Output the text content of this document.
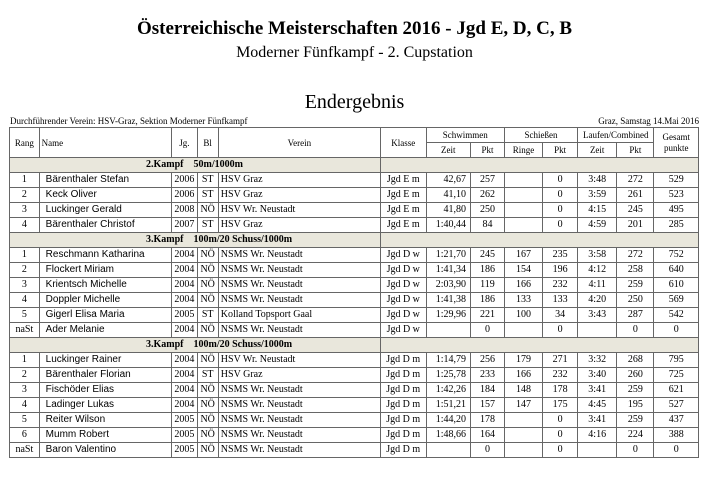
Österreichische Meisterschaften 2016 - Jgd E, D, C, B
Moderner Fünfkampf - 2. Cupstation
Endergebnis
Durchführender Verein: HSV-Graz, Sektion Moderner Fünfkampf	Graz, Samstag 14.Mai 2016
Rang	Name	Jg.	Bl	Verein	Klasse	Schwimmen		Schießen		Laufen/Combined		Gesamt punkte
						Zeit	Pkt	Ringe	Pkt	Zeit	Pkt	
2.Kampf 50m/1000m												
1	Bärenthaler Stefan	2006	ST	HSV Graz	Jgd E m	42,67	257		0	3:48	272	529
2	Keck Oliver	2006	ST	HSV Graz	Jgd E m	41,10	262		0	3:59	261	523
3	Luckinger Gerald	2008	NÖ	HSV Wr. Neustadt	Jgd E m	41,80	250		0	4:15	245	495
4	Bärenthaler Christof	2007	ST	HSV Graz	Jgd E m	1:40,44	84		0	4:59	201	285
3.Kampf 100m/20 Schuss/1000m												
1	Reschmann Katharina	2004	NÖ	NSMS Wr. Neustadt	Jgd D w	1:21,70	245	167	235	3:58	272	752
2	Flockert Miriam	2004	NÖ	NSMS Wr. Neustadt	Jgd D w	1:41,34	186	154	196	4:12	258	640
3	Krientsch Michelle	2004	NÖ	NSMS Wr. Neustadt	Jgd D w	2:03,90	119	166	232	4:11	259	610
4	Doppler Michelle	2004	NÖ	NSMS Wr. Neustadt	Jgd D w	1:41,38	186	133	133	4:20	250	569
5	Gigerl Elisa Maria	2005	ST	Kolland Topsport Gaal	Jgd D w	1:29,96	221	100	34	3:43	287	542
naSt	Ader Melanie	2004	NÖ	NSMS Wr. Neustadt	Jgd D w		0		0		0	0
3.Kampf 100m/20 Schuss/1000m												
1	Luckinger Rainer	2004	NÖ	HSV Wr. Neustadt	Jgd D m	1:14,79	256	179	271	3:32	268	795
2	Bärenthaler Florian	2004	ST	HSV Graz	Jgd D m	1:25,78	233	166	232	3:40	260	725
3	Fischöder Elias	2004	NÖ	NSMS Wr. Neustadt	Jgd D m	1:42,26	184	148	178	3:41	259	621
4	Ladinger Lukas	2004	NÖ	NSMS Wr. Neustadt	Jgd D m	1:51,21	157	147	175	4:45	195	527
5	Reiter Wilson	2005	NÖ	NSMS Wr. Neustadt	Jgd D m	1:44,20	178		0	3:41	259	437
6	Mumm Robert	2005	NÖ	NSMS Wr. Neustadt	Jgd D m	1:48,66	164		0	4:16	224	388
naSt	Baron Valentino	2005	NÖ	NSMS Wr. Neustadt	Jgd D m		0		0		0	0
